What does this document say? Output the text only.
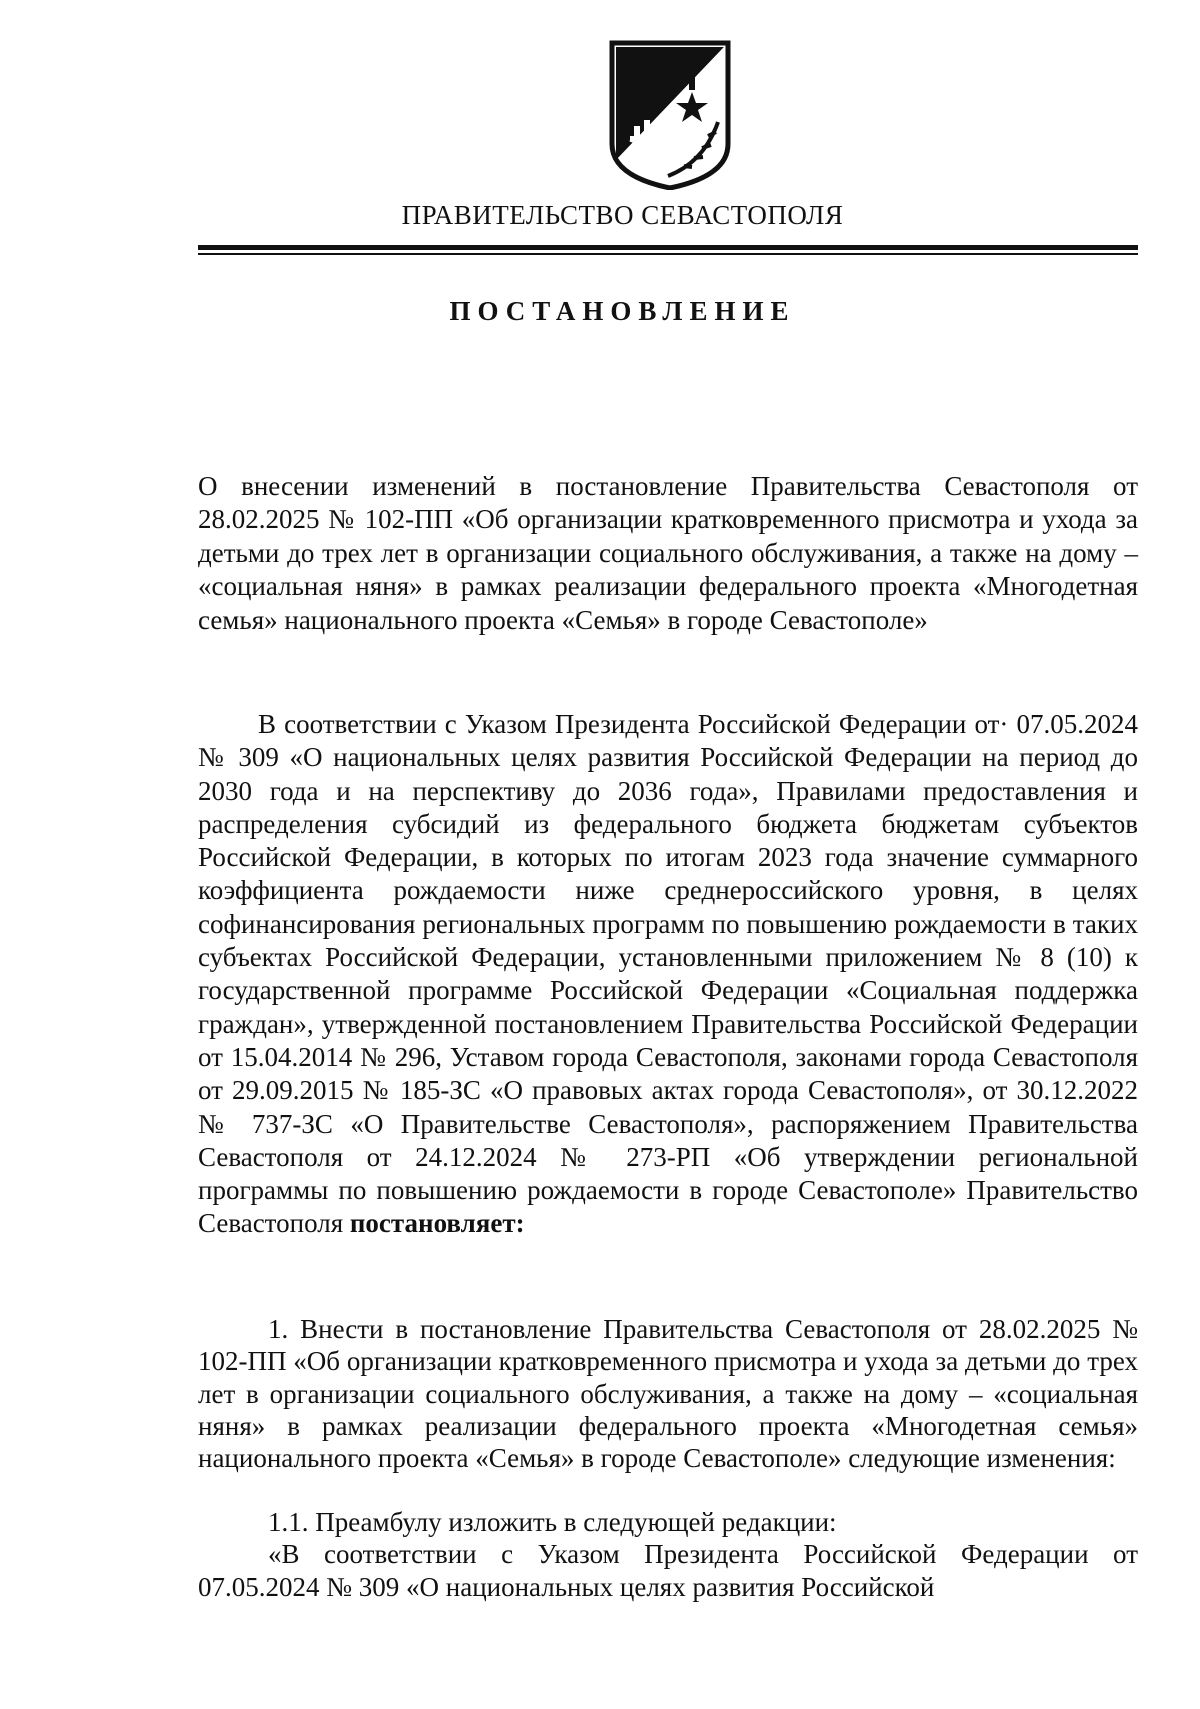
ПРАВИТЕЛЬСТВО СЕВАСТОПОЛЯ
ПОСТАНОВЛЕНИЕ
О внесении изменений в постановление Правительства Севастополя от 28.02.2025 № 102-ПП «Об организации кратковременного присмотра и ухода за детьми до трех лет в организации социального обслуживания, а также на дому – «социальная няня» в рамках реализации федерального проекта «Многодетная семья» национального проекта «Семья» в городе Севастополе»
В соответствии с Указом Президента Российской Федерации от· 07.05.2024 № 309 «О национальных целях развития Российской Федерации на период до 2030 года и на перспективу до 2036 года», Правилами предоставления и распределения субсидий из федерального бюджета бюджетам субъектов Российской Федерации, в которых по итогам 2023 года значение суммарного коэффициента рождаемости ниже среднероссийского уровня, в целях софинансирования региональных программ по повышению рождаемости в таких субъектах Российской Федерации, установленными приложением № 8 (10) к государственной программе Российской Федерации «Социальная поддержка граждан», утвержденной постановлением Правительства Российской Федерации от 15.04.2014 № 296, Уставом города Севастополя, законами города Севастополя от 29.09.2015 № 185-ЗС «О правовых актах города Севастополя», от 30.12.2022 № 737-ЗС «О Правительстве Севастополя», распоряжением Правительства Севастополя от 24.12.2024 № 273-РП «Об утверждении региональной программы по повышению рождаемости в городе Севастополе» Правительство Севастополя постановляет:
1. Внести в постановление Правительства Севастополя от 28.02.2025 № 102-ПП «Об организации кратковременного присмотра и ухода за детьми до трех лет в организации социального обслуживания, а также на дому – «социальная няня» в рамках реализации федерального проекта «Многодетная семья» национального проекта «Семья» в городе Севастополе» следующие изменения:
1.1. Преамбулу изложить в следующей редакции:
«В соответствии с Указом Президента Российской Федерации от 07.05.2024 № 309 «О национальных целях развития Российской
